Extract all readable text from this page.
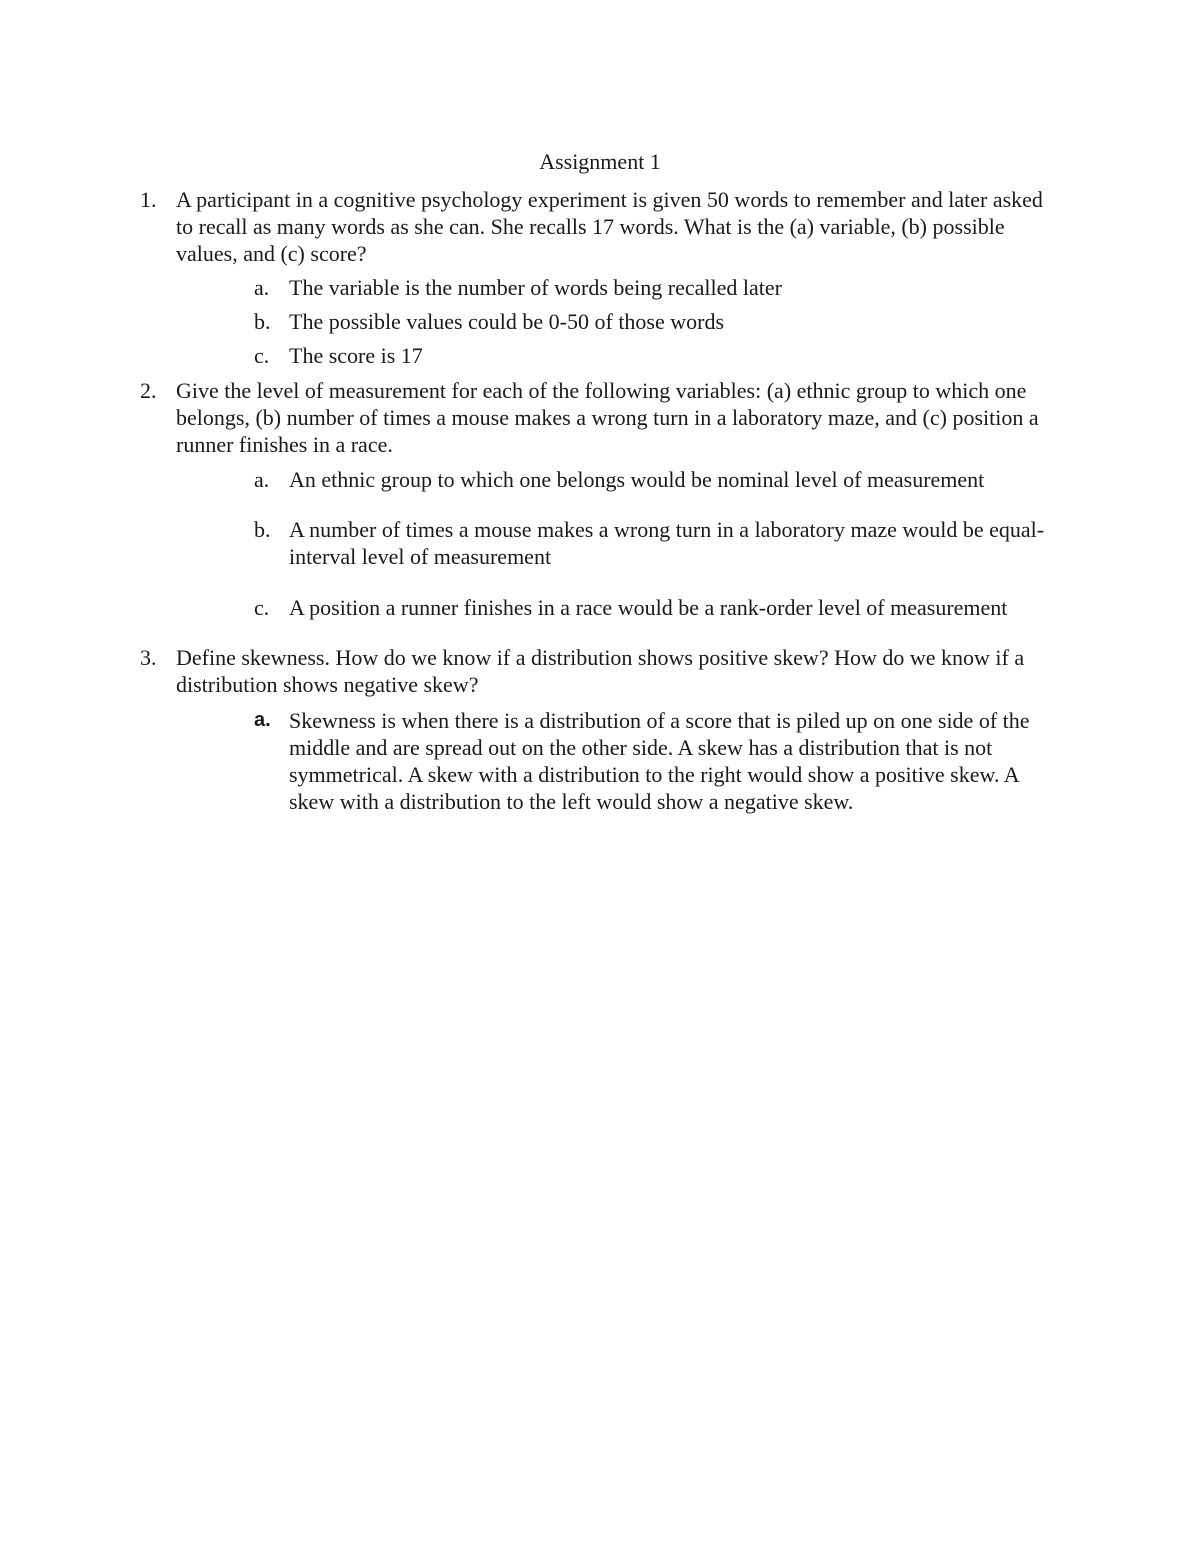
Assignment 1
1. A participant in a cognitive psychology experiment is given 50 words to remember and later asked to recall as many words as she can. She recalls 17 words. What is the (a) variable, (b) possible values, and (c) score?
a. The variable is the number of words being recalled later
b. The possible values could be 0-50 of those words
c. The score is 17
2. Give the level of measurement for each of the following variables: (a) ethnic group to which one belongs, (b) number of times a mouse makes a wrong turn in a laboratory maze, and (c) position a runner finishes in a race.
a. An ethnic group to which one belongs would be nominal level of measurement
b. A number of times a mouse makes a wrong turn in a laboratory maze would be equal-interval level of measurement
c. A position a runner finishes in a race would be a rank-order level of measurement
3. Define skewness. How do we know if a distribution shows positive skew? How do we know if a distribution shows negative skew?
a. Skewness is when there is a distribution of a score that is piled up on one side of the middle and are spread out on the other side. A skew has a distribution that is not symmetrical. A skew with a distribution to the right would show a positive skew. A skew with a distribution to the left would show a negative skew.
